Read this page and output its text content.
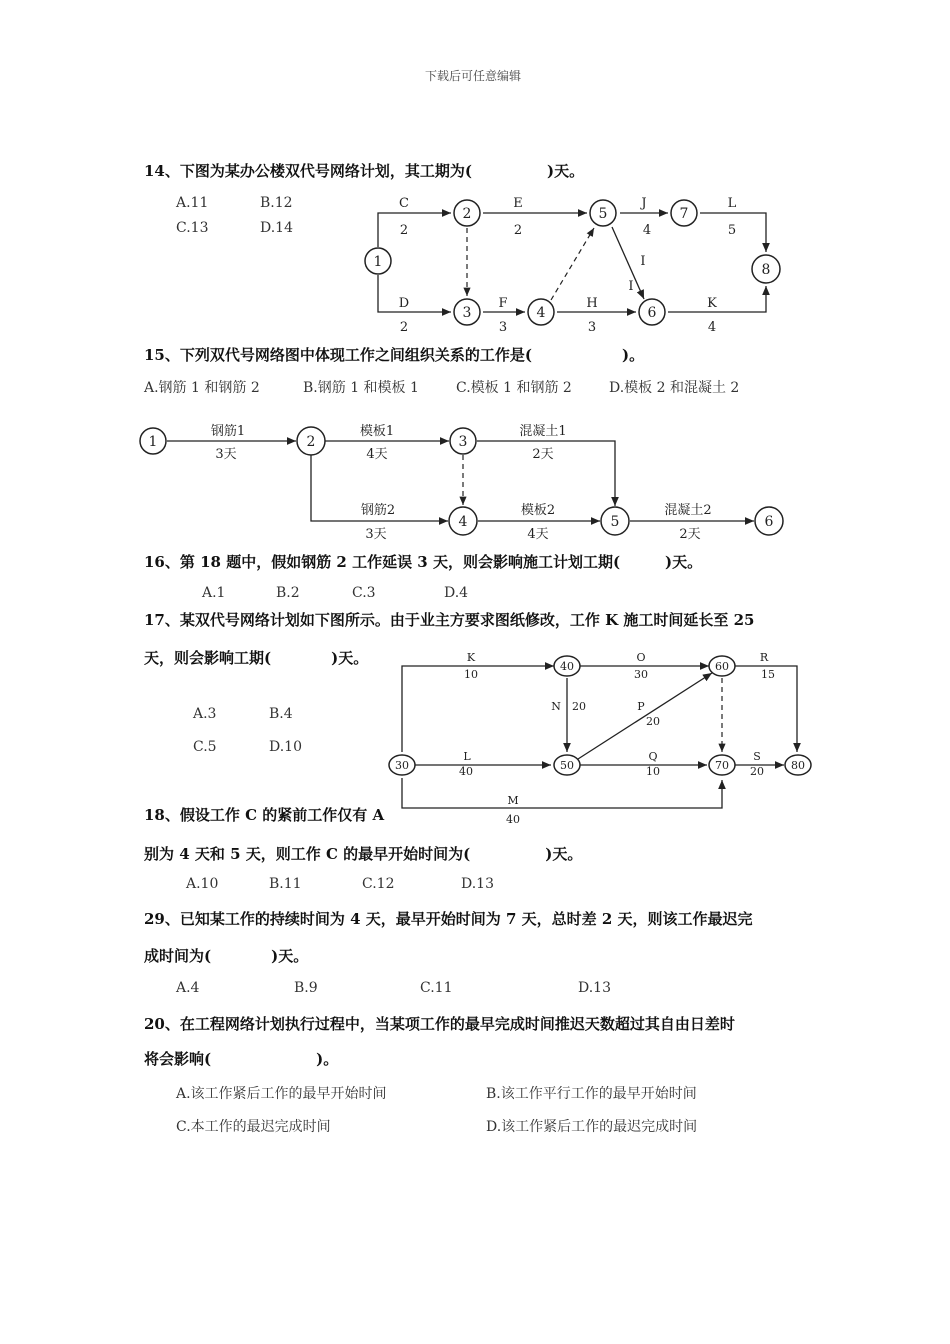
下载后可任意编辑
14、下图为某办公楼双代号网络计划，其工期为(　　　　　)天。
A.11	B.12
C.13	D.14
1
2
3	4
5
6
7
8
C
2
E
2
J
4
L
5
D
2
F
3
H
3
K
4
I
I
15、下列双代号网络图中体现工作之间组织关系的工作是(　　　　　　)。
A.钢筋 1 和钢筋 2	B.钢筋 1 和模板 1	C.模板 1 和钢筋 2	D.模板 2 和混凝土 2
1	2	3
4	5	6
钢筋1
3天
模板1
4天
混凝土1
2天
钢筋2
3天
模板2
4天
混凝土2
2天
16、第 18 题中，假如钢筋 2 工作延误 3 天，则会影响施工计划工期(　　　)天。
A.1	B.2	C.3	D.4
17、某双代号网络计划如下图所示。由于业主方要求图纸修改，工作 K 施工时间延长至 25
天，则会影响工期(　　　　)天。
A.3	B.4
C.5	D.10
30
40
50
60
70	80
K
10
O
30
R
15
N 20	P
20
L
40
Q
10
S
20
M
40
18、假设工作 C 的紧前工作仅有 A
别为 4 天和 5 天，则工作 C 的最早开始时间为(　　　　　)天。
A.10	B.11	C.12	D.13
29、已知某工作的持续时间为 4 天，最早开始时间为 7 天，总时差 2 天，则该工作最迟完
成时间为(　　　　)天。
A.4	B.9	C.11	D.13
20、在工程网络计划执行过程中，当某项工作的最早完成时间推迟天数超过其自由日差时
将会影响(　　　　　　　)。
A.该工作紧后工作的最早开始时间	B.该工作平行工作的最早开始时间
C.本工作的最迟完成时间	D.该工作紧后工作的最迟完成时间
